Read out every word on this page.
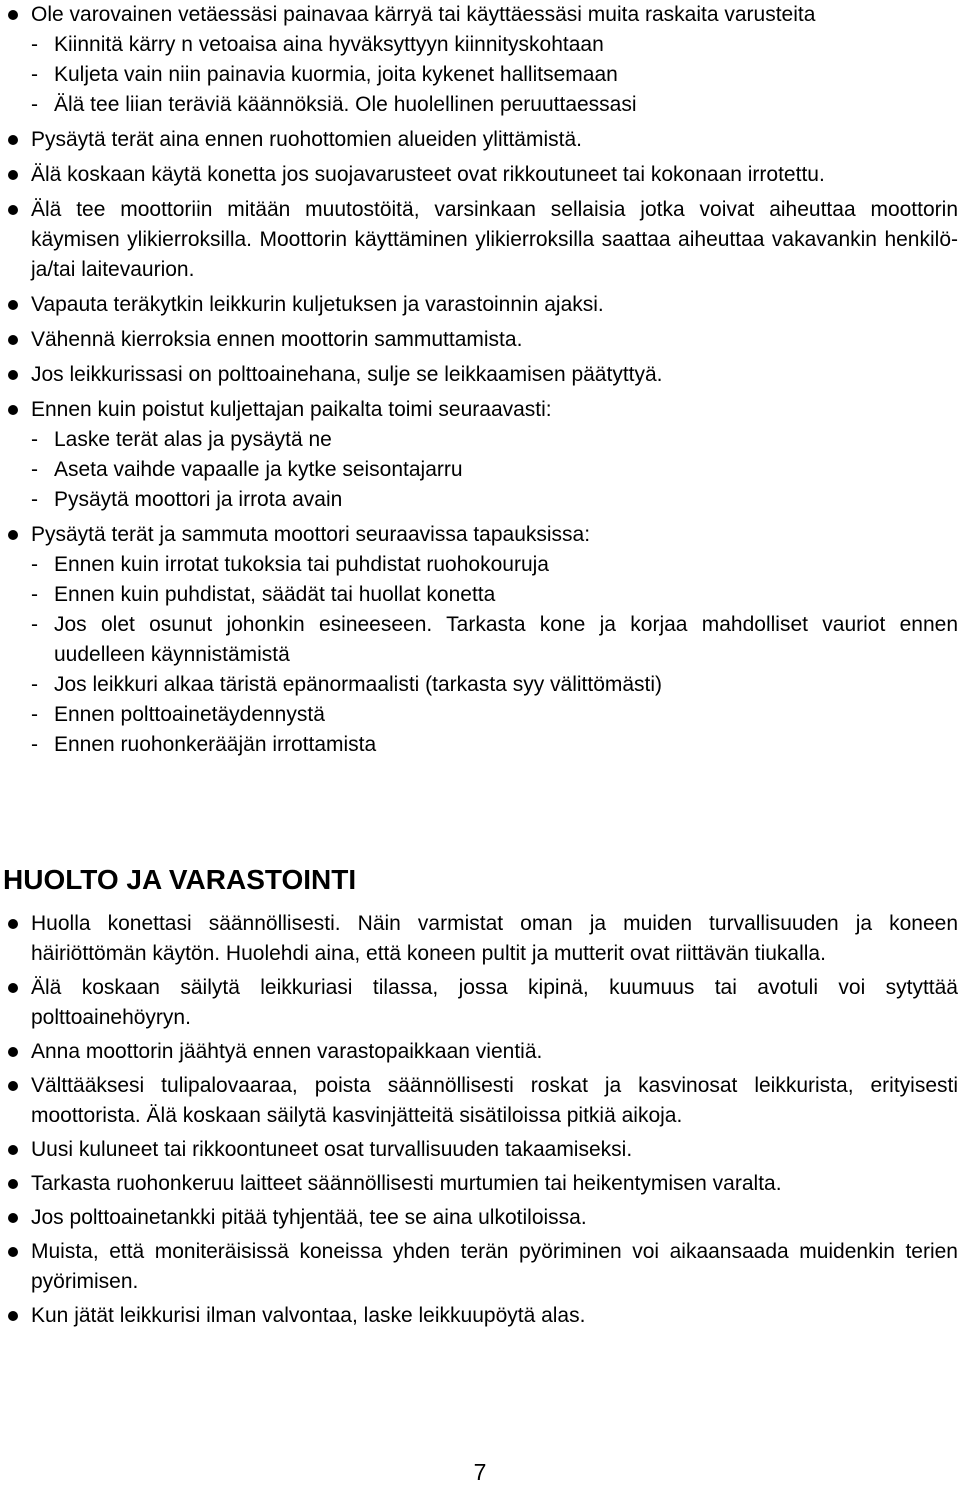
Ole varovainen vetäessäsi painavaa kärryä tai käyttäessäsi muita raskaita varusteita
- Kiinnitä kärry n vetoaisa aina hyväksyttyyn kiinnityskohtaan
- Kuljeta vain niin painavia kuormia, joita kykenet hallitsemaan
- Älä tee liian teräviä käännöksiä. Ole huolellinen peruuttaessasi
Pysäytä terät aina ennen ruohottomien alueiden ylittämistä.
Älä koskaan käytä konetta jos suojavarusteet ovat rikkoutuneet tai kokonaan irrotettu.
Älä tee moottoriin mitään muutostöitä, varsinkaan sellaisia jotka voivat aiheuttaa moottorin käymisen ylikierroksilla. Moottorin käyttäminen ylikierroksilla saattaa aiheuttaa vakavankin henkilö- ja/tai laitevaurion.
Vapauta teräkytkin leikkurin kuljetuksen ja varastoinnin ajaksi.
Vähennä kierroksia ennen moottorin sammuttamista.
Jos leikkurissasi on polttoainehana, sulje se leikkaamisen päätyttyä.
Ennen kuin poistut kuljettajan paikalta toimi seuraavasti:
- Laske terät alas ja pysäytä ne
- Aseta vaihde vapaalle ja kytke seisontajarru
- Pysäytä moottori ja irrota avain
Pysäytä terät ja sammuta moottori seuraavissa tapauksissa:
- Ennen kuin irrotat tukoksia tai puhdistat ruohokouruja
- Ennen kuin puhdistat, säädät tai huollat konetta
- Jos olet osunut johonkin esineeseen. Tarkasta kone ja korjaa mahdolliset vauriot ennen uudelleen käynnistämistä
- Jos leikkuri alkaa täristä epänormaalisti (tarkasta syy välittömästi)
- Ennen polttoainetäydennystä
- Ennen ruohonkerääjän irrottamista
HUOLTO JA VARASTOINTI
Huolla konettasi säännöllisesti. Näin varmistat oman ja muiden turvallisuuden ja koneen häiriöttömän käytön. Huolehdi aina, että koneen pultit ja mutterit ovat riittävän tiukalla.
Älä koskaan säilytä leikkuriasi tilassa, jossa kipinä, kuumuus tai avotuli voi sytyttää polttoainehöyryn.
Anna moottorin jäähtyä ennen varastopaikkaan vientiä.
Välttääksesi tulipalovaaraa, poista säännöllisesti roskat ja kasvinosat leikkurista, erityisesti moottorista. Älä koskaan säilytä kasvinjätteitä sisätiloissa pitkiä aikoja.
Uusi kuluneet tai rikkoontuneet osat turvallisuuden takaamiseksi.
Tarkasta ruohonkeruu laitteet säännöllisesti murtumien tai heikentymisen varalta.
Jos polttoainetankki pitää tyhjentää, tee se aina ulkotiloissa.
Muista, että moniteräisissä koneissa yhden terän pyöriminen voi aikaansaada muidenkin terien pyörimisen.
Kun jätät leikkurisi ilman valvontaa, laske leikkuupöytä alas.
7
